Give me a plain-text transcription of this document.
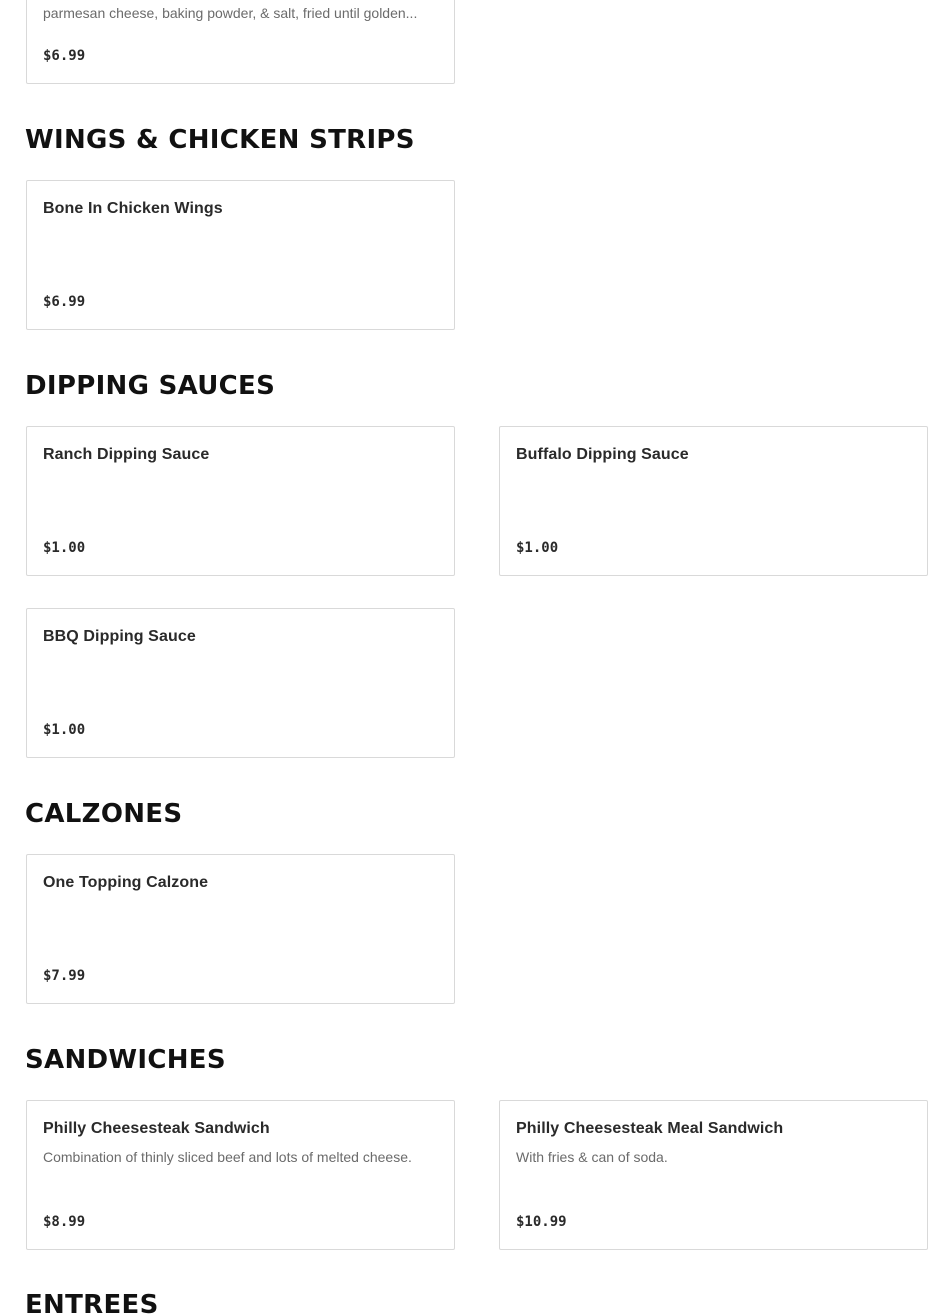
parmesan cheese, baking powder, & salt, fried until golden...
$6.99
WINGS & CHICKEN STRIPS
Bone In Chicken Wings
$6.99
DIPPING SAUCES
Ranch Dipping Sauce
$1.00
Buffalo Dipping Sauce
$1.00
BBQ Dipping Sauce
$1.00
CALZONES
One Topping Calzone
$7.99
SANDWICHES
Philly Cheesesteak Sandwich
Combination of thinly sliced beef and lots of melted cheese.
$8.99
Philly Cheesesteak Meal Sandwich
With fries & can of soda.
$10.99
ENTREES
